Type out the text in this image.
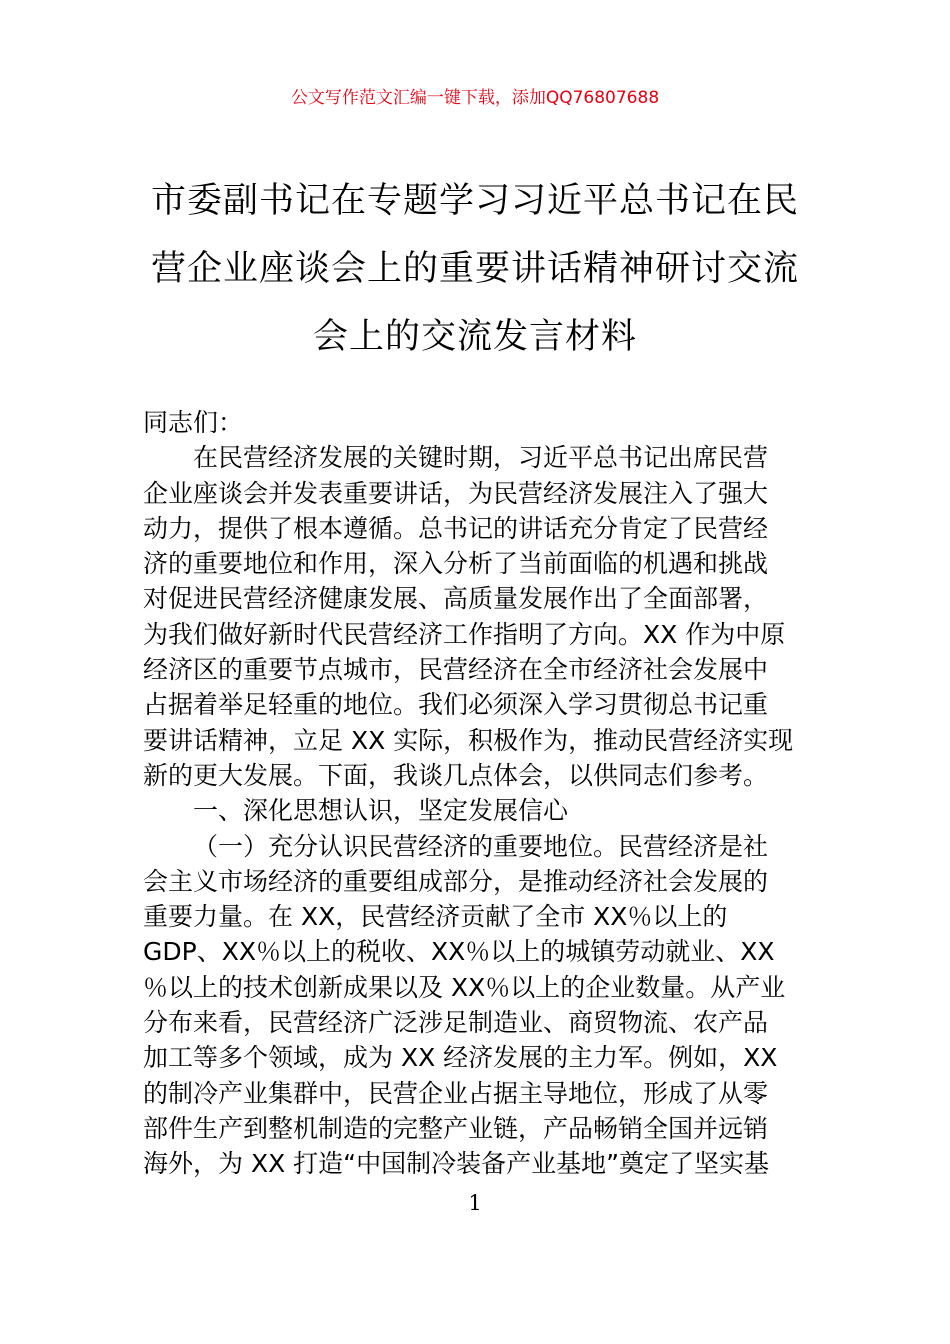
公文写作范文汇编一键下载，添加QQ76807688
市委副书记在专题学习习近平总书记在民
营企业座谈会上的重要讲话精神研讨交流
会上的交流发言材料
同志们：
在民营经济发展的关键时期，习近平总书记出席民营
企业座谈会并发表重要讲话，为民营经济发展注入了强大
动力，提供了根本遵循。总书记的讲话充分肯定了民营经
济的重要地位和作用，深入分析了当前面临的机遇和挑战
对促进民营经济健康发展、高质量发展作出了全面部署，
为我们做好新时代民营经济工作指明了方向。XX 作为中原
经济区的重要节点城市，民营经济在全市经济社会发展中
占据着举足轻重的地位。我们必须深入学习贯彻总书记重
要讲话精神，立足 XX 实际，积极作为，推动民营经济实现
新的更大发展。下面，我谈几点体会，以供同志们参考。
一、深化思想认识，坚定发展信心
（一）充分认识民营经济的重要地位。民营经济是社
会主义市场经济的重要组成部分，是推动经济社会发展的
重要力量。在 XX，民营经济贡献了全市 XX％以上的
GDP、XX％以上的税收、XX％以上的城镇劳动就业、XX
％以上的技术创新成果以及 XX％以上的企业数量。从产业
分布来看，民营经济广泛涉足制造业、商贸物流、农产品
加工等多个领域，成为 XX 经济发展的主力军。例如，XX
的制冷产业集群中，民营企业占据主导地位，形成了从零
部件生产到整机制造的完整产业链，产品畅销全国并远销
海外，为 XX 打造“中国制冷装备产业基地”奠定了坚实基
1
